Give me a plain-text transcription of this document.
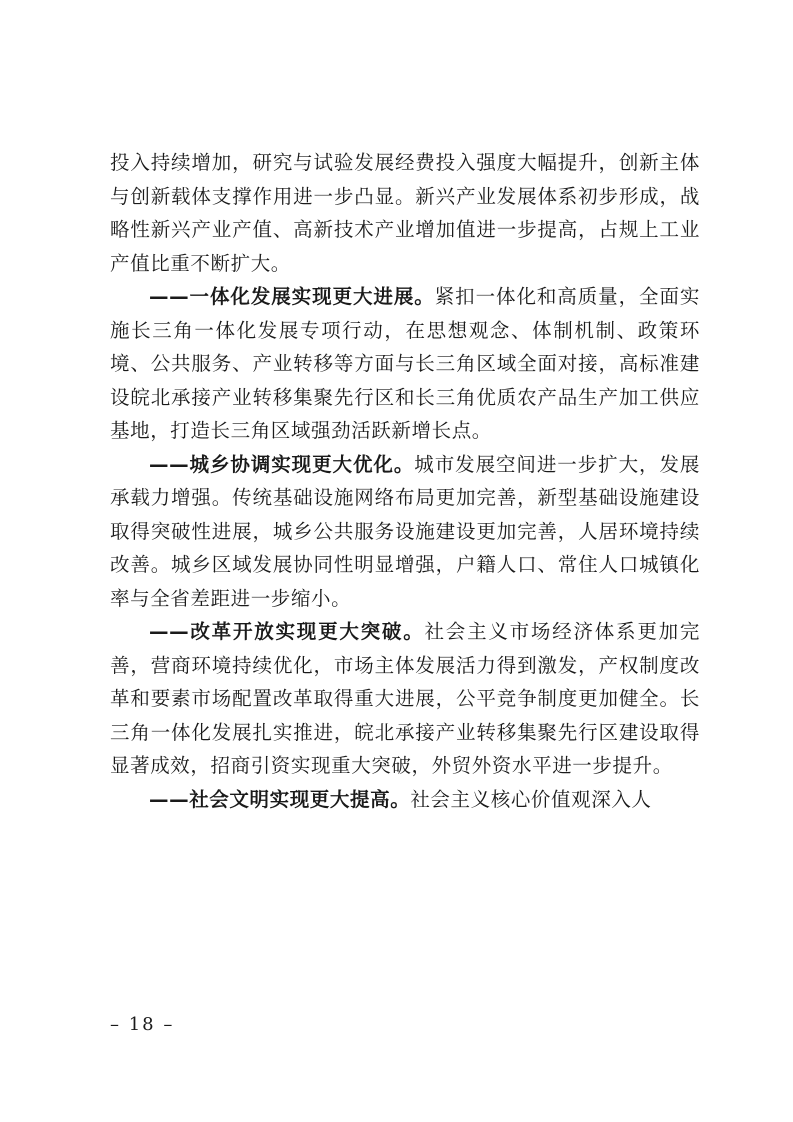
投入持续增加，研究与试验发展经费投入强度大幅提升，创新主体与创新载体支撑作用进一步凸显。新兴产业发展体系初步形成，战略性新兴产业产值、高新技术产业增加值进一步提高，占规上工业产值比重不断扩大。

——一体化发展实现更大进展。紧扣一体化和高质量，全面实施长三角一体化发展专项行动，在思想观念、体制机制、政策环境、公共服务、产业转移等方面与长三角区域全面对接，高标准建设皖北承接产业转移集聚先行区和长三角优质农产品生产加工供应基地，打造长三角区域强劲活跃新增长点。

——城乡协调实现更大优化。城市发展空间进一步扩大，发展承载力增强。传统基础设施网络布局更加完善，新型基础设施建设取得突破性进展，城乡公共服务设施建设更加完善，人居环境持续改善。城乡区域发展协同性明显增强，户籍人口、常住人口城镇化率与全省差距进一步缩小。

——改革开放实现更大突破。社会主义市场经济体系更加完善，营商环境持续优化，市场主体发展活力得到激发，产权制度改革和要素市场配置改革取得重大进展，公平竞争制度更加健全。长三角一体化发展扎实推进，皖北承接产业转移集聚先行区建设取得显著成效，招商引资实现重大突破，外贸外资水平进一步提升。

——社会文明实现更大提高。社会主义核心价值观深入人

– 18 –
